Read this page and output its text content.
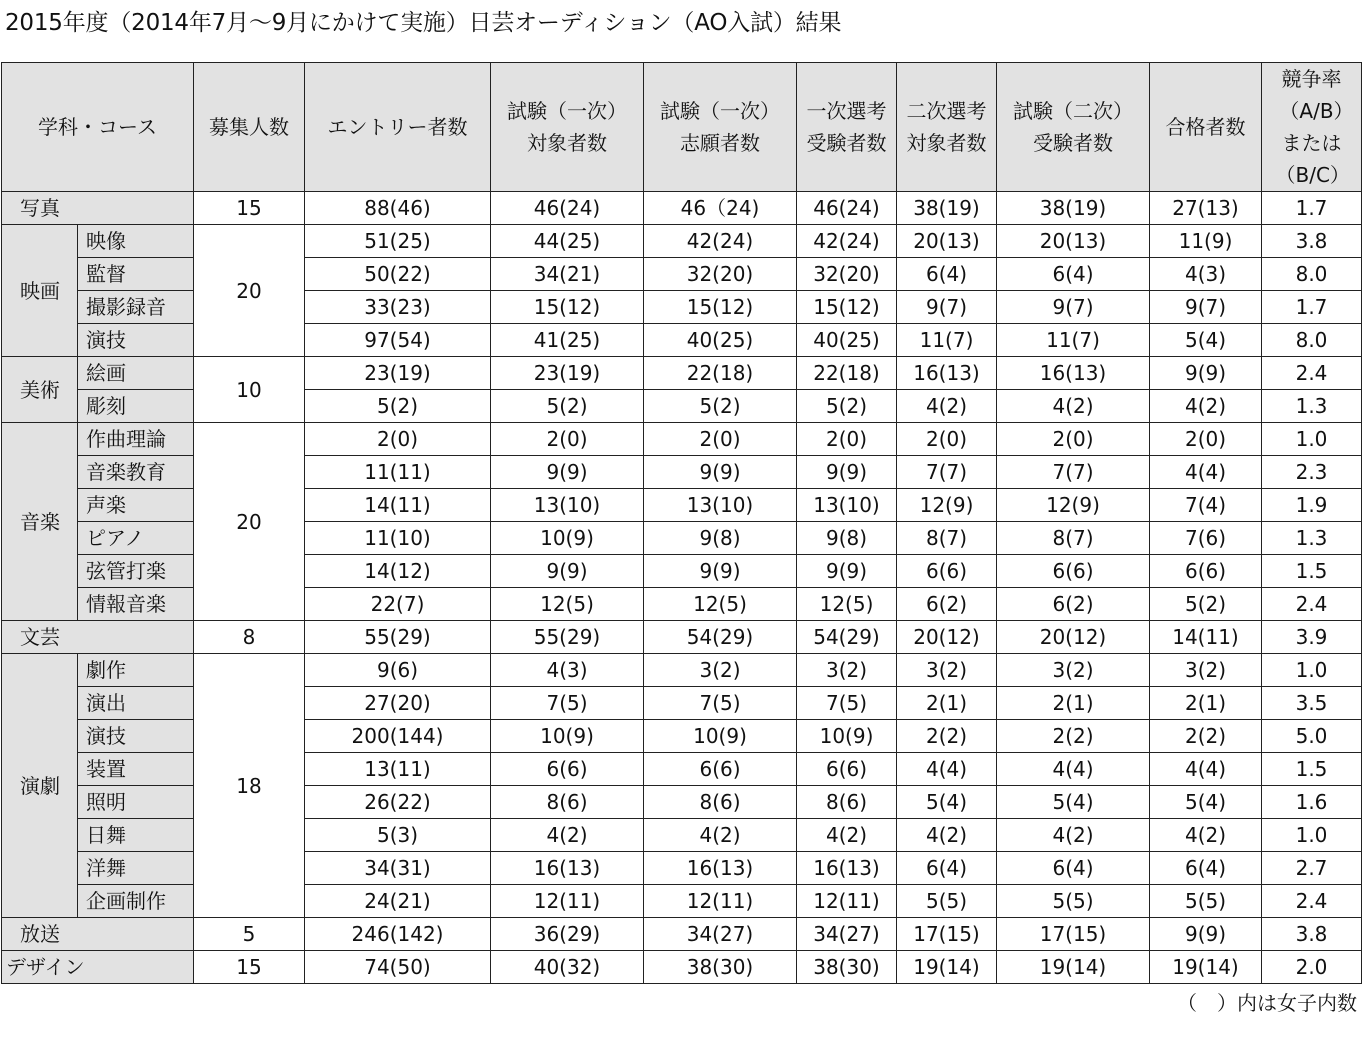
2015年度（2014年7月〜9月にかけて実施）日芸オーディション（AO入試）結果
学科・コース		募集人数	エントリー者数	試験（一次）対象者数	試験（一次）志願者数	一次選考受験者数	二次選考対象者数	試験（二次）受験者数	合格者数	競争率（A/B）または（B/C）
写真		15	88(46)	46(24)	46（24)	46(24)	38(19)	38(19)	27(13)	1.7
映画	映像	20	51(25)	44(25)	42(24)	42(24)	20(13)	20(13)	11(9)	3.8
	監督		50(22)	34(21)	32(20)	32(20)	6(4)	6(4)	4(3)	8.0
	撮影録音		33(23)	15(12)	15(12)	15(12)	9(7)	9(7)	9(7)	1.7
	演技		97(54)	41(25)	40(25)	40(25)	11(7)	11(7)	5(4)	8.0
美術	絵画	10	23(19)	23(19)	22(18)	22(18)	16(13)	16(13)	9(9)	2.4
	彫刻		5(2)	5(2)	5(2)	5(2)	4(2)	4(2)	4(2)	1.3
音楽	作曲理論	20	2(0)	2(0)	2(0)	2(0)	2(0)	2(0)	2(0)	1.0
	音楽教育		11(11)	9(9)	9(9)	9(9)	7(7)	7(7)	4(4)	2.3
	声楽		14(11)	13(10)	13(10)	13(10)	12(9)	12(9)	7(4)	1.9
	ピアノ		11(10)	10(9)	9(8)	9(8)	8(7)	8(7)	7(6)	1.3
	弦管打楽		14(12)	9(9)	9(9)	9(9)	6(6)	6(6)	6(6)	1.5
	情報音楽		22(7)	12(5)	12(5)	12(5)	6(2)	6(2)	5(2)	2.4
文芸		8	55(29)	55(29)	54(29)	54(29)	20(12)	20(12)	14(11)	3.9
演劇	劇作	18	9(6)	4(3)	3(2)	3(2)	3(2)	3(2)	3(2)	1.0
	演出		27(20)	7(5)	7(5)	7(5)	2(1)	2(1)	2(1)	3.5
	演技		200(144)	10(9)	10(9)	10(9)	2(2)	2(2)	2(2)	5.0
	装置		13(11)	6(6)	6(6)	6(6)	4(4)	4(4)	4(4)	1.5
	照明		26(22)	8(6)	8(6)	8(6)	5(4)	5(4)	5(4)	1.6
	日舞		5(3)	4(2)	4(2)	4(2)	4(2)	4(2)	4(2)	1.0
	洋舞		34(31)	16(13)	16(13)	16(13)	6(4)	6(4)	6(4)	2.7
	企画制作		24(21)	12(11)	12(11)	12(11)	5(5)	5(5)	5(5)	2.4
放送		5	246(142)	36(29)	34(27)	34(27)	17(15)	17(15)	9(9)	3.8
デザイン		15	74(50)	40(32)	38(30)	38(30)	19(14)	19(14)	19(14)	2.0
（　）内は女子内数
